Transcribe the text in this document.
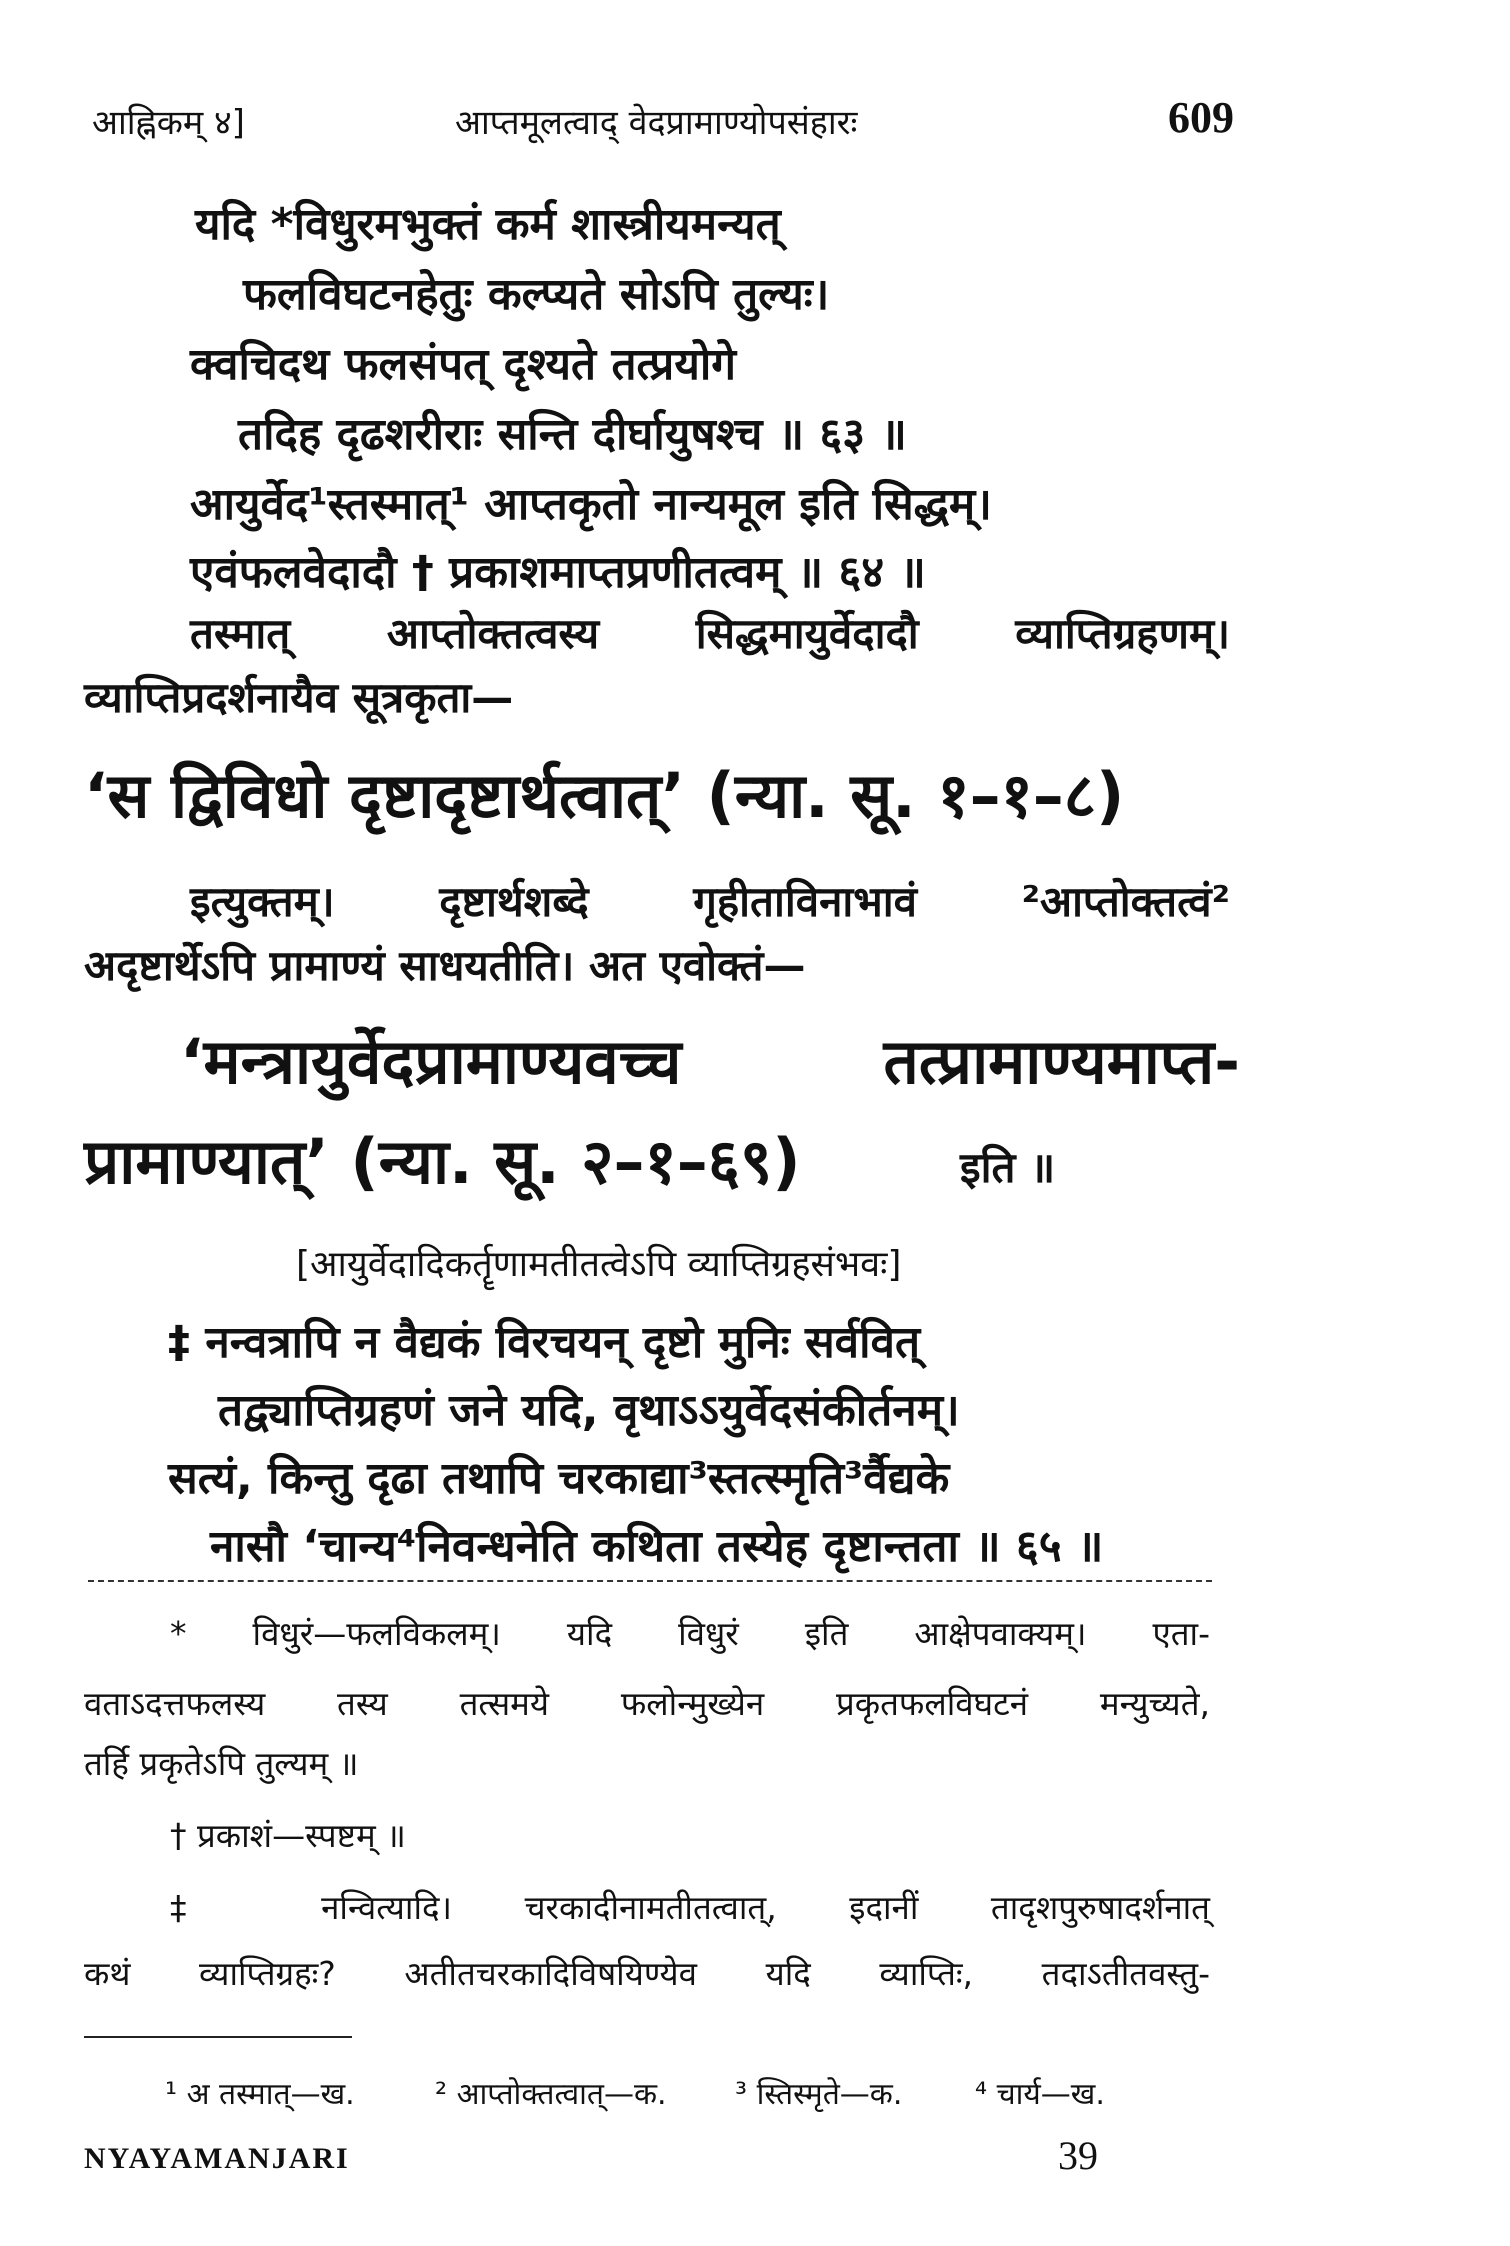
आह्निकम् ४]	आप्तमूलत्वाद् वेदप्रामाण्योपसंहारः	609
यदि *विधुरमभुक्तं कर्म शास्त्रीयमन्यत्
फलविघटनहेतुः कल्प्यते सोऽपि तुल्यः।
क्वचिदथ फलसंपत् दृश्यते तत्प्रयोगे
तदिह दृढशरीराः सन्ति दीर्घायुषश्च ॥ ६३ ॥
आयुर्वेद¹स्तस्मात्¹ आप्तकृतो नान्यमूल इति सिद्धम्।
एवंफलवेदादौ † प्रकाशमाप्तप्रणीतत्वम् ॥ ६४ ॥
तस्मात् आप्तोक्तत्वस्य सिद्धमायुर्वेदादौ व्याप्तिग्रहणम्।
व्याप्तिप्रदर्शनायैव सूत्रकृता—
‘स द्विविधो दृष्टादृष्टार्थत्वात्’ (न्या. सू. १–१–८)
इत्युक्तम्। दृष्टार्थशब्दे गृहीताविनाभावं ²आप्तोक्तत्वं²
अदृष्टार्थेऽपि प्रामाण्यं साधयतीति। अत एवोक्तं—
‘मन्त्रायुर्वेदप्रामाण्यवच्च तत्प्रामाण्यमाप्त-
प्रामाण्यात्’ (न्या. सू. २–१–६९)	इति ॥
[आयुर्वेदादिकर्तॄणामतीतत्वेऽपि व्याप्तिग्रहसंभवः]
‡ नन्वत्रापि न वैद्यकं विरचयन् दृष्टो मुनिः सर्ववित्
तद्व्याप्तिग्रहणं जने यदि, वृथाऽऽयुर्वेदसंकीर्तनम्।
सत्यं, किन्तु दृढा तथापि चरकाद्या³स्तत्स्मृति³र्वैद्यके
नासौ ‘चान्य⁴निवन्धनेति कथिता तस्येह दृष्टान्तता ॥ ६५ ॥
* विधुरं—फलविकलम्। यदि विधुरं इति आक्षेपवाक्यम्। एता-
वताऽदत्तफलस्य तस्य तत्समये फलोन्मुख्येन प्रकृतफलविघटनं मन्युच्यते,
तर्हि प्रकृतेऽपि तुल्यम् ॥
† प्रकाशं—स्पष्टम् ॥
‡ नन्वित्यादि। चरकादीनामतीतत्वात्, इदानीं तादृशपुरुषादर्शनात्
कथं व्याप्तिग्रहः? अतीतचरकादिविषयिण्येव यदि व्याप्तिः, तदाऽतीतवस्तु-
¹ अ तस्मात्—ख.	² आप्तोक्तत्वात्—क. ³ स्तिस्मृते—क. ⁴ चार्य—ख.
NYAYAMANJARI	39
